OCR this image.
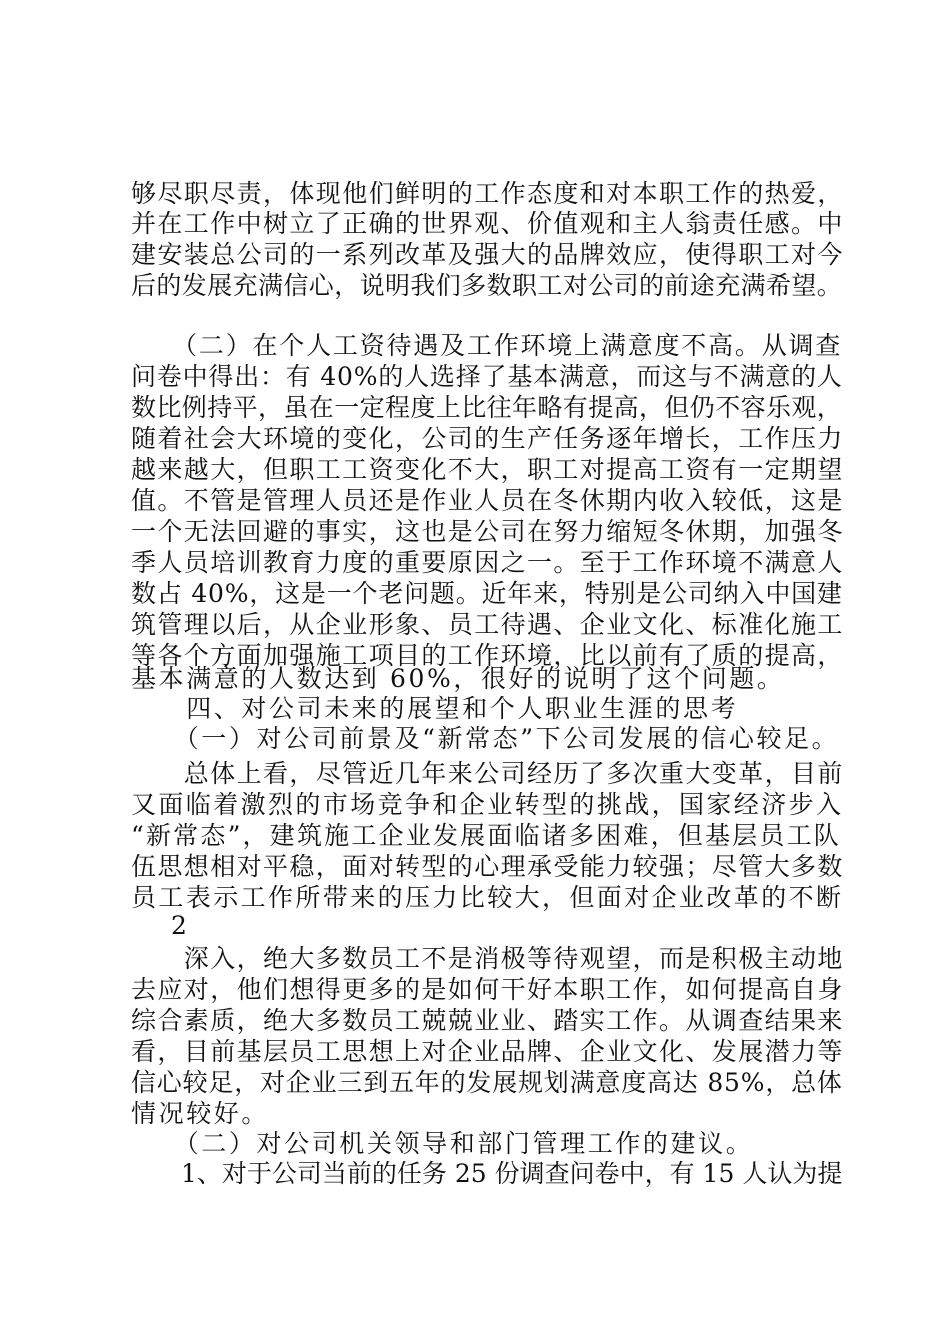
够尽职尽责，体现他们鲜明的工作态度和对本职工作的热爱，
并在工作中树立了正确的世界观、价值观和主人翁责任感。中
建安装总公司的一系列改革及强大的品牌效应，使得职工对今
后的发展充满信心，说明我们多数职工对公司的前途充满希望。
　　（二）在个人工资待遇及工作环境上满意度不高。从调查
问卷中得出：有 40%的人选择了基本满意，而这与不满意的人
数比例持平，虽在一定程度上比往年略有提高，但仍不容乐观，
随着社会大环境的变化，公司的生产任务逐年增长，工作压力
越来越大，但职工工资变化不大，职工对提高工资有一定期望
值。不管是管理人员还是作业人员在冬休期内收入较低，这是
一个无法回避的事实，这也是公司在努力缩短冬休期，加强冬
季人员培训教育力度的重要原因之一。至于工作环境不满意人
数占 40%，这是一个老问题。近年来，特别是公司纳入中国建
筑管理以后，从企业形象、员工待遇、企业文化、标准化施工
等各个方面加强施工项目的工作环境，比以前有了质的提高，
基本满意的人数达到 60%，很好的说明了这个问题。
　　四、对公司未来的展望和个人职业生涯的思考
　　（一）对公司前景及“新常态”下公司发展的信心较足。
　　总体上看，尽管近几年来公司经历了多次重大变革，目前
又面临着激烈的市场竞争和企业转型的挑战，国家经济步入
“新常态”，建筑施工企业发展面临诸多困难，但基层员工队
伍思想相对平稳，面对转型的心理承受能力较强；尽管大多数
员工表示工作所带来的压力比较大，但面对企业改革的不断
2
　　深入，绝大多数员工不是消极等待观望，而是积极主动地
去应对，他们想得更多的是如何干好本职工作，如何提高自身
综合素质，绝大多数员工兢兢业业、踏实工作。从调查结果来
看，目前基层员工思想上对企业品牌、企业文化、发展潜力等
信心较足，对企业三到五年的发展规划满意度高达 85%，总体
情况较好。
　　（二）对公司机关领导和部门管理工作的建议。
　　1、对于公司当前的任务 25 份调查问卷中，有 15 人认为提
